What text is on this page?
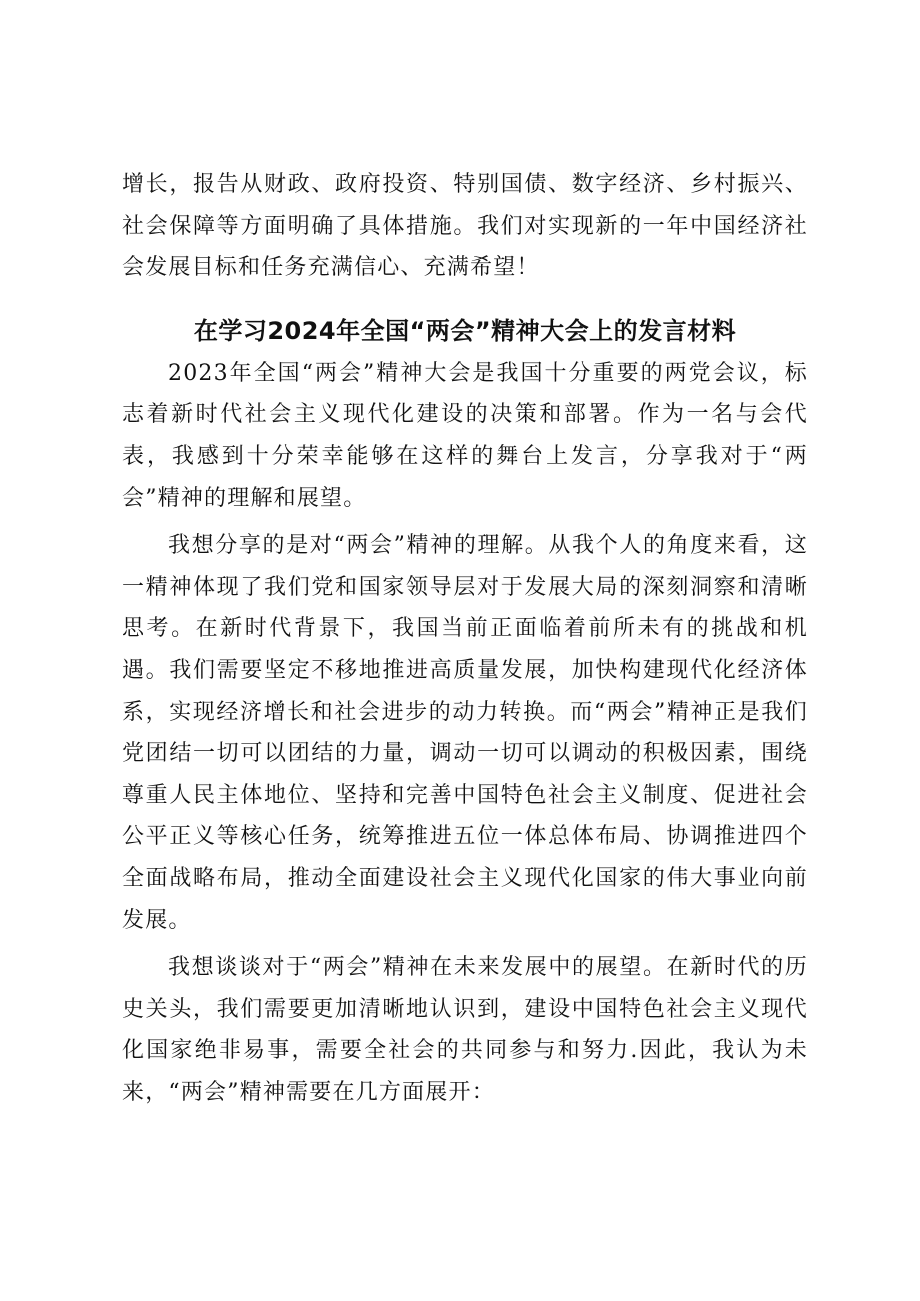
增长，报告从财政、政府投资、特别国债、数字经济、乡村振兴、社会保障等方面明确了具体措施。我们对实现新的一年中国经济社会发展目标和任务充满信心、充满希望！

在学习2024年全国“两会”精神大会上的发言材料

2023年全国“两会”精神大会是我国十分重要的两党会议，标志着新时代社会主义现代化建设的决策和部署。作为一名与会代表，我感到十分荣幸能够在这样的舞台上发言，分享我对于“两会”精神的理解和展望。

我想分享的是对“两会”精神的理解。从我个人的角度来看，这一精神体现了我们党和国家领导层对于发展大局的深刻洞察和清晰思考。在新时代背景下，我国当前正面临着前所未有的挑战和机遇。我们需要坚定不移地推进高质量发展，加快构建现代化经济体系，实现经济增长和社会进步的动力转换。而“两会”精神正是我们党团结一切可以团结的力量，调动一切可以调动的积极因素，围绕尊重人民主体地位、坚持和完善中国特色社会主义制度、促进社会公平正义等核心任务，统筹推进五位一体总体布局、协调推进四个全面战略布局，推动全面建设社会主义现代化国家的伟大事业向前发展。

我想谈谈对于“两会”精神在未来发展中的展望。在新时代的历史关头，我们需要更加清晰地认识到，建设中国特色社会主义现代化国家绝非易事，需要全社会的共同参与和努力.因此，我认为未来，“两会”精神需要在几方面展开：
